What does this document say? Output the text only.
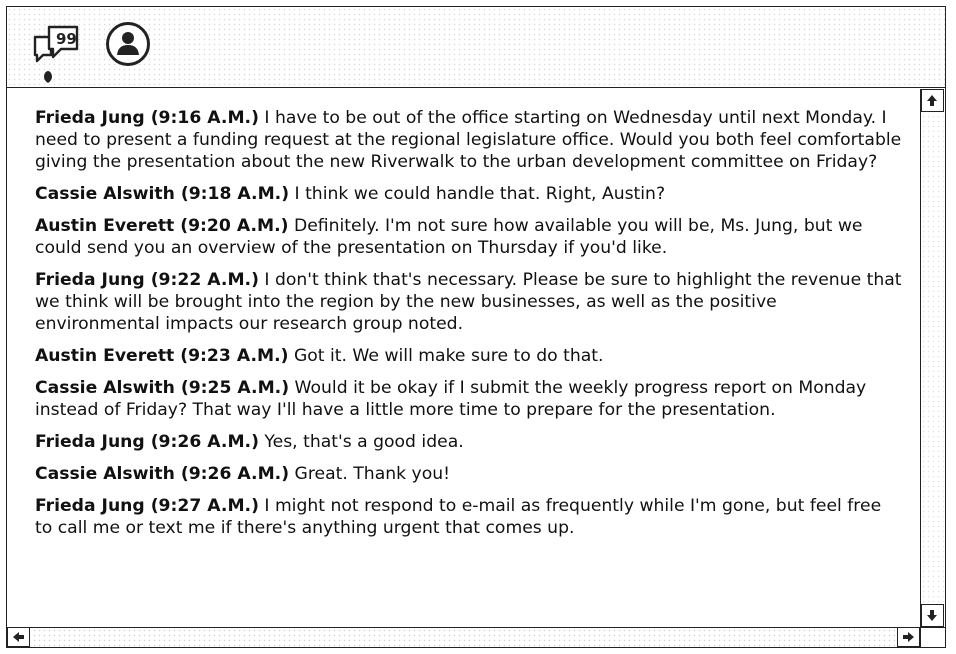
99

Frieda Jung (9:16 A.M.) I have to be out of the office starting on Wednesday until next Monday. I need to present a funding request at the regional legislature office. Would you both feel comfortable giving the presentation about the new Riverwalk to the urban development committee on Friday?

Cassie Alswith (9:18 A.M.) I think we could handle that. Right, Austin?

Austin Everett (9:20 A.M.) Definitely. I'm not sure how available you will be, Ms. Jung, but we could send you an overview of the presentation on Thursday if you'd like.

Frieda Jung (9:22 A.M.) I don't think that's necessary. Please be sure to highlight the revenue that we think will be brought into the region by the new businesses, as well as the positive environmental impacts our research group noted.

Austin Everett (9:23 A.M.) Got it. We will make sure to do that.

Cassie Alswith (9:25 A.M.) Would it be okay if I submit the weekly progress report on Monday instead of Friday? That way I'll have a little more time to prepare for the presentation.

Frieda Jung (9:26 A.M.) Yes, that's a good idea.

Cassie Alswith (9:26 A.M.) Great. Thank you!

Frieda Jung (9:27 A.M.) I might not respond to e-mail as frequently while I'm gone, but feel free to call me or text me if there's anything urgent that comes up.
